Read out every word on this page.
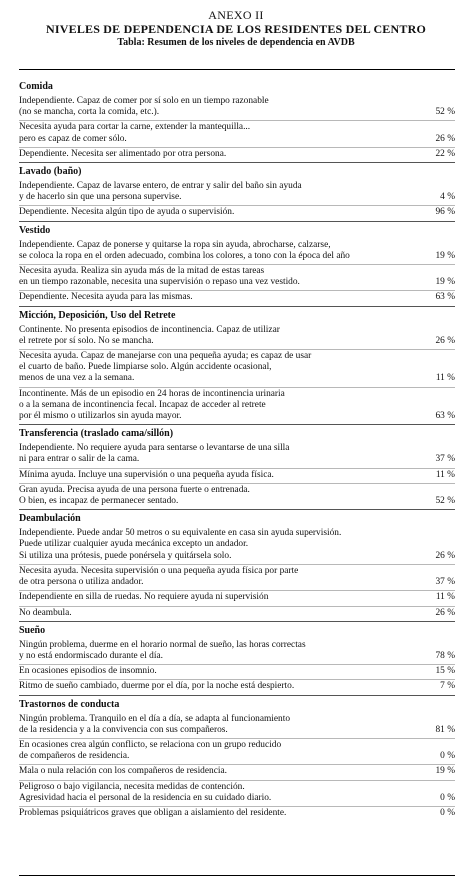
ANEXO II
NIVELES DE DEPENDENCIA DE LOS RESIDENTES DEL CENTRO
Tabla: Resumen de los niveles de dependencia en AVDB
Comida
Independiente. Capaz de comer por sí solo en un tiempo razonable
(no se mancha, corta la comida, etc.).	52 %
Necesita ayuda para cortar la carne, extender la mantequilla...
pero es capaz de comer sólo.	26 %
Dependiente. Necesita ser alimentado por otra persona.	22 %
Lavado (baño)
Independiente. Capaz de lavarse entero, de entrar y salir del baño sin ayuda
y de hacerlo sin que una persona supervise.	4 %
Dependiente. Necesita algún tipo de ayuda o supervisión.	96 %
Vestido
Independiente. Capaz de ponerse y quitarse la ropa sin ayuda, abrocharse, calzarse,
se coloca la ropa en el orden adecuado, combina los colores, a tono con la época del año	19 %
Necesita ayuda. Realiza sin ayuda más de la mitad de estas tareas
en un tiempo razonable, necesita una supervisión o repaso una vez vestido.	19 %
Dependiente. Necesita ayuda para las mismas.	63 %
Micción, Deposición, Uso del Retrete
Continente. No presenta episodios de incontinencia. Capaz de utilizar
el retrete por sí solo. No se mancha.	26 %
Necesita ayuda. Capaz de manejarse con una pequeña ayuda; es capaz de usar
el cuarto de baño. Puede limpiarse solo. Algún accidente ocasional,
menos de una vez a la semana.	11 %
Incontinente. Más de un episodio en 24 horas de incontinencia urinaria
o a la semana de incontinencia fecal. Incapaz de acceder al retrete
por él mismo o utilizarlos sin ayuda mayor.	63 %
Transferencia (traslado cama/sillón)
Independiente. No requiere ayuda para sentarse o levantarse de una silla
ni para entrar o salir de la cama.	37 %
Mínima ayuda. Incluye una supervisión o una pequeña ayuda física.	11 %
Gran ayuda. Precisa ayuda de una persona fuerte o entrenada.
O bien, es incapaz de permanecer sentado.	52 %
Deambulación
Independiente. Puede andar 50 metros o su equivalente en casa sin ayuda supervisión.
Puede utilizar cualquier ayuda mecánica excepto un andador.
Si utiliza una prótesis, puede ponérsela y quitársela solo.	26 %
Necesita ayuda. Necesita supervisión o una pequeña ayuda física por parte
de otra persona o utiliza andador.	37 %
Independiente en silla de ruedas. No requiere ayuda ni supervisión	11 %
No deambula.	26 %
Sueño
Ningún problema, duerme en el horario normal de sueño, las horas correctas
y no está endormiscado durante el día.	78 %
En ocasiones episodios de insomnio.	15 %
Ritmo de sueño cambiado, duerme por el día, por la noche está despierto.	7 %
Trastornos de conducta
Ningún problema. Tranquilo en el día a día, se adapta al funcionamiento
de la residencia y a la convivencia con sus compañeros.	81 %
En ocasiones crea algún conflicto, se relaciona con un grupo reducido
de compañeros de residencia.	0 %
Mala o nula relación con los compañeros de residencia.	19 %
Peligroso o bajo vigilancia, necesita medidas de contención.
Agresividad hacia el personal de la residencia en su cuidado diario.	0 %
Problemas psiquiátricos graves que obligan a aislamiento del residente.	0 %
